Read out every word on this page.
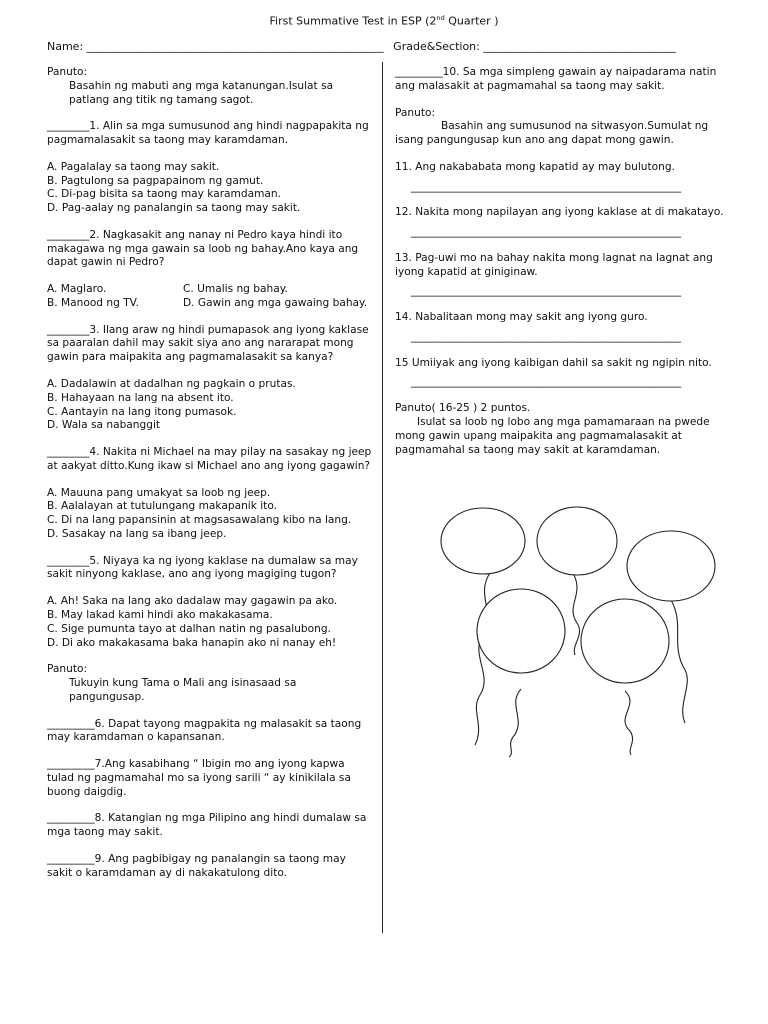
First Summative Test in ESP (2nd Quarter )
Name: ______________________________________________________ Grade&Section: ___________________________________

Panuto:

Basahin ng mabuti ang mga katanungan.Isulat sa patlang ang titik ng tamang sagot.

________1. Alin sa mga sumusunod ang hindi nagpapakita ng pagmamalasakit sa taong may karamdaman.

A. Pagalalay sa taong may sakit.
B. Pagtulong sa pagpapainom ng gamut.
C. Di-pag bisita sa taong may karamdaman.
D. Pag-aalay ng panalangin sa taong may sakit.

________2. Nagkasakit ang nanay ni Pedro kaya hindi ito makagawa ng mga gawain sa loob ng bahay.Ano kaya ang dapat gawin ni Pedro?

A. Maglaro.	C. Umalis ng bahay.
B. Manood ng TV.	D. Gawin ang mga gawaing bahay.

________3. Ilang araw ng hindi pumapasok ang iyong kaklase sa paaralan dahil may sakit siya ano ang nararapat mong gawin para maipakita ang pagmamalasakit sa kanya?

A. Dadalawin at dadalhan ng pagkain o prutas.
B. Hahayaan na lang na absent ito.
C. Aantayin na lang itong pumasok.
D. Wala sa nabanggit

________4. Nakita ni Michael na may pilay na sasakay ng jeep at aakyat ditto.Kung ikaw si Michael ano ang iyong gagawin?

A. Mauuna pang umakyat sa loob ng jeep.
B. Aalalayan at tutulungang makapanik ito.
C. Di na lang papansinin at magsasawalang kibo na lang.
D. Sasakay na lang sa ibang jeep.

________5. Niyaya ka ng iyong kaklase na dumalaw sa may sakit ninyong kaklase, ano ang iyong magiging tugon?

A. Ah! Saka na lang ako dadalaw may gagawin pa ako.
B. May lakad kami hindi ako makakasama.
C. Sige pumunta tayo at dalhan natin ng pasalubong.
D. Di ako makakasama baka hanapin ako ni nanay eh!

Panuto:

Tukuyin kung Tama o Mali ang isinasaad sa pangungusap.

_________6. Dapat tayong magpakita ng malasakit sa taong may karamdaman o kapansanan.

_________7.Ang kasabihang “ Ibigin mo ang iyong kapwa tulad ng pagmamahal mo sa iyong sarili “ ay kinikilala sa buong daigdig.

_________8. Katangian ng mga Pilipino ang hindi dumalaw sa mga taong may sakit.

_________9. Ang pagbibigay ng panalangin sa taong may sakit o karamdaman ay di nakakatulong dito.

_________10. Sa mga simpleng gawain ay naipadarama natin ang malasakit at pagmamahal sa taong may sakit.

Panuto:

Basahin ang sumusunod na sitwasyon.Sumulat ng isang pangungusap kun ano ang dapat mong gawin.

11. Ang nakababata mong kapatid ay may bulutong.

___________________________________________________

12. Nakita mong napilayan ang iyong kaklase at di makatayo.

___________________________________________________

13. Pag-uwi mo na bahay nakita mong lagnat na lagnat ang iyong kapatid at giniginaw.

___________________________________________________

14. Nabalitaan mong may sakit ang iyong guro.

___________________________________________________

15 Umiiyak ang iyong kaibigan dahil sa sakit ng ngipin nito.

___________________________________________________

Panuto( 16-25 ) 2 puntos.

Isulat sa loob ng lobo ang mga pamamaraan na pwede mong gawin upang maipakita ang pagmamalasakit at pagmamahal sa taong may sakit at karamdaman.
